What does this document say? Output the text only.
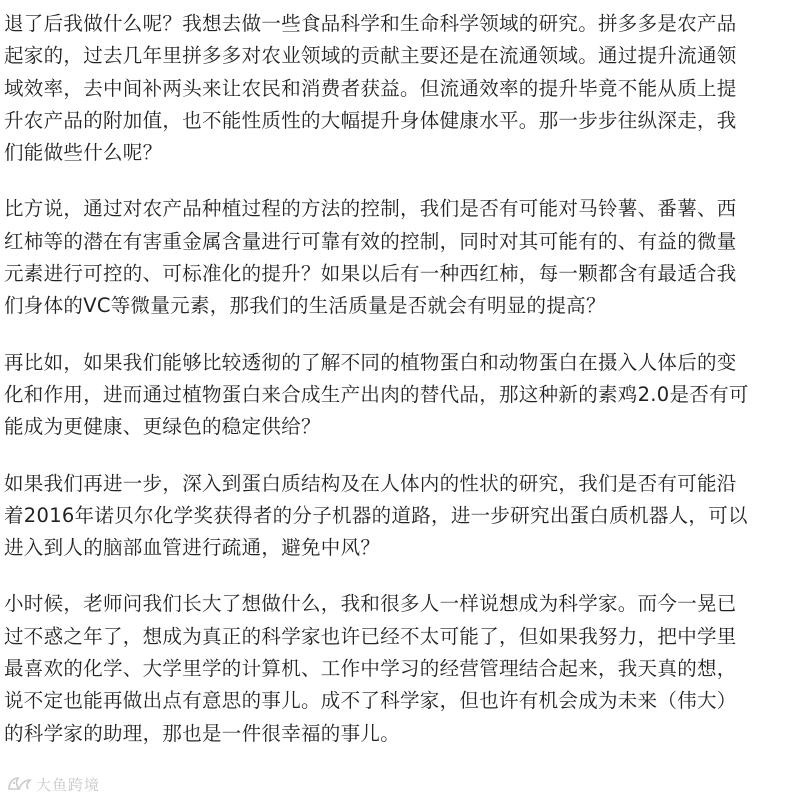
退了后我做什么呢？我想去做一些食品科学和生命科学领域的研究。拼多多是农产品
起家的，过去几年里拼多多对农业领域的贡献主要还是在流通领域。通过提升流通领
域效率，去中间补两头来让农民和消费者获益。但流通效率的提升毕竟不能从质上提
升农产品的附加值，也不能性质性的大幅提升身体健康水平。那一步步往纵深走，我
们能做些什么呢？

比方说，通过对农产品种植过程的方法的控制，我们是否有可能对马铃薯、番薯、西
红柿等的潜在有害重金属含量进行可靠有效的控制，同时对其可能有的、有益的微量
元素进行可控的、可标准化的提升？如果以后有一种西红柿，每一颗都含有最适合我
们身体的VC等微量元素，那我们的生活质量是否就会有明显的提高？

再比如，如果我们能够比较透彻的了解不同的植物蛋白和动物蛋白在摄入人体后的变
化和作用，进而通过植物蛋白来合成生产出肉的替代品，那这种新的素鸡2.0是否有可
能成为更健康、更绿色的稳定供给？

如果我们再进一步，深入到蛋白质结构及在人体内的性状的研究，我们是否有可能沿
着2016年诺贝尔化学奖获得者的分子机器的道路，进一步研究出蛋白质机器人，可以
进入到人的脑部血管进行疏通，避免中风？

小时候，老师问我们长大了想做什么，我和很多人一样说想成为科学家。而今一晃已
过不惑之年了，想成为真正的科学家也许已经不太可能了，但如果我努力，把中学里
最喜欢的化学、大学里学的计算机、工作中学习的经营管理结合起来，我天真的想，
说不定也能再做出点有意思的事儿。成不了科学家，但也许有机会成为未来（伟大）
的科学家的助理，那也是一件很幸福的事儿。

大鱼跨境
